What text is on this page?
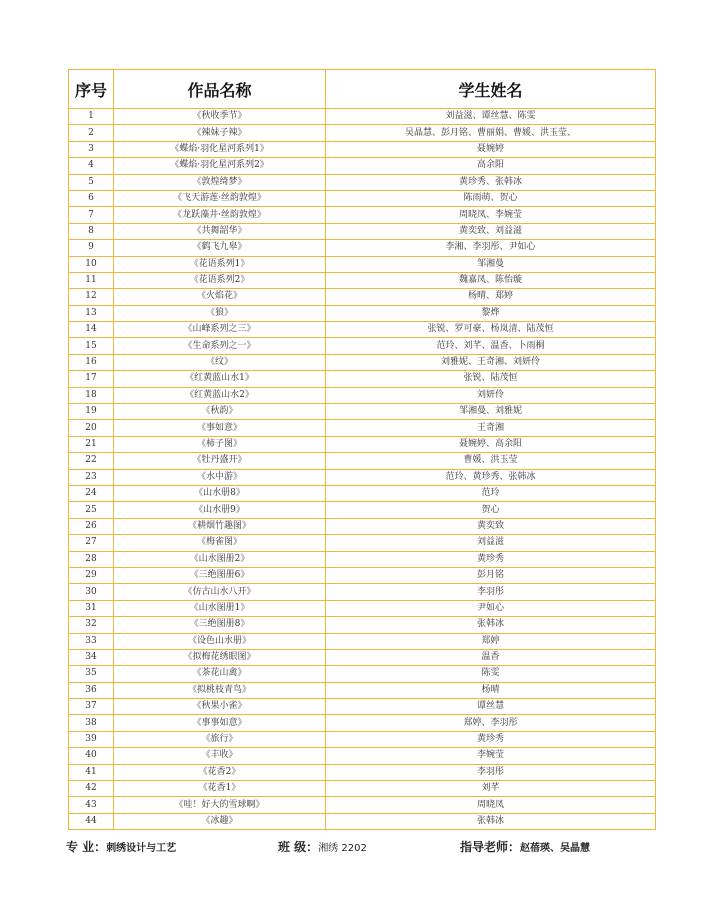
序号	作品名称	学生姓名
1	《秋收季节》	刘益滋、谭丝慧、陈雯
2	《辣妹子辣》	吴晶慧、彭月铭、曹丽娟、曹媛、洪玉莹、
3	《蝶焰·羽化星河系列1》	聂婉婷
4	《蝶焰·羽化星河系列2》	高余阳
5	《敦煌绮梦》	黄珍秀、张韩冰
6	《飞天游莲·丝韵敦煌》	陈雨萌、贺心
7	《龙跃藻井·丝韵敦煌》	周晓凤、李婉莹
8	《共舞韶华》	黄奕致、刘益滋
9	《鹤飞九皋》	李湘、李羽彤、尹如心
10	《花语系列1》	邹湘曼
11	《花语系列2》	魏嘉凤、陈怡璇
12	《火焰花》	杨晴、郑婷
13	《狼》	黎烨
14	《山峰系列之三》	张锐、罗可豪、杨岚清、陆茂恒
15	《生命系列之一》	范玲、刘芊、温香、卜雨桐
16	《纹》	刘雅妮、王奇湘、刘妍伶
17	《红黄蓝山水1》	张锐、陆茂恒
18	《红黄蓝山水2》	刘妍伶
19	《秋韵》	邹湘曼、刘雅妮
20	《事如意》	王奇湘
21	《柿子图》	聂婉婷、高余阳
22	《牡丹盛开》	曹媛、洪玉莹
23	《水中游》	范玲、黄珍秀、张韩冰
24	《山水册8》	范玲
25	《山水册9》	贺心
26	《耕烟竹趣图》	黄奕致
27	《梅雀图》	刘益滋
28	《山水图册2》	黄珍秀
29	《三绝图册6》	彭月铭
30	《仿古山水八开》	李羽彤
31	《山水图册1》	尹如心
32	《三绝图册8》	张韩冰
33	《设色山水册》	郑婷
34	《拟梅花绣眼图》	温香
35	《茶花山禽》	陈雯
36	《拟桃枝青鸟》	杨晴
37	《秋果小雀》	谭丝慧
38	《事事如意》	郑婷、李羽彤
39	《旅行》	黄珍秀
40	《丰收》	李婉莹
41	《花香2》	李羽彤
42	《花香1》	刘芊
43	《哇！好大的雪球啊》	周晓凤
44	《冰趣》	张韩冰
专 业：刺绣设计与工艺	班 级：湘绣 2202	指导老师：赵蓓瑛、吴晶慧
